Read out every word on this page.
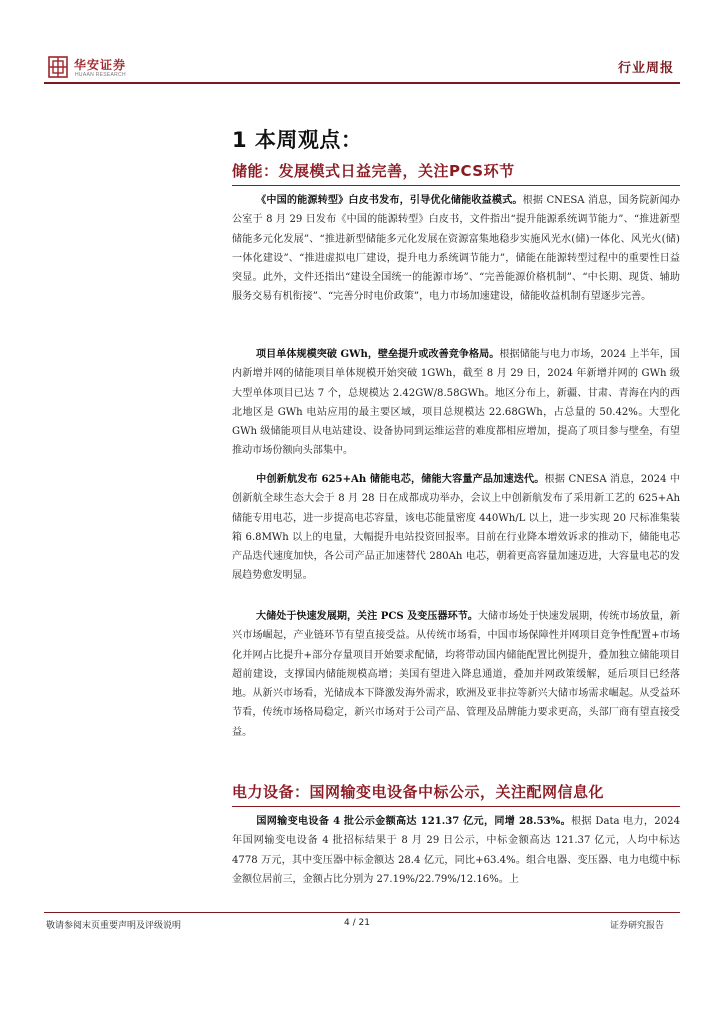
华安证券
HUAAN RESEARCH	行业周报
1 本周观点：
储能：发展模式日益完善，关注PCS环节
《中国的能源转型》白皮书发布，引导优化储能收益模式。根据 CNESA 消息，国务院新闻办公室于 8 月 29 日发布《中国的能源转型》白皮书，文件指出“提升能源系统调节能力”、“推进新型储能多元化发展”、“推进新型储能多元化发展在资源富集地稳步实施风光水(储)一体化、风光火(储)一体化建设”、“推进虚拟电厂建设，提升电力系统调节能力”，储能在能源转型过程中的重要性日益突显。此外，文件还指出“建设全国统一的能源市场”、“完善能源价格机制”、“中长期、现货、辅助服务交易有机衔接”、“完善分时电价政策”，电力市场加速建设，储能收益机制有望逐步完善。
项目单体规模突破 GWh，壁垒提升或改善竞争格局。根据储能与电力市场，2024 上半年，国内新增并网的储能项目单体规模开始突破 1GWh，截至 8 月 29 日，2024 年新增并网的 GWh 级大型单体项目已达 7 个，总规模达 2.42GW/8.58GWh。地区分布上，新疆、甘肃、青海在内的西北地区是 GWh 电站应用的最主要区域，项目总规模达 22.68GWh，占总量的 50.42%。大型化 GWh 级储能项目从电站建设、设备协同到运维运营的难度都相应增加，提高了项目参与壁垒，有望推动市场份额向头部集中。
中创新航发布 625+Ah 储能电芯，储能大容量产品加速迭代。根据 CNESA 消息，2024 中创新航全球生态大会于 8 月 28 日在成都成功举办，会议上中创新航发布了采用新工艺的 625+Ah 储能专用电芯，进一步提高电芯容量，该电芯能量密度 440Wh/L 以上，进一步实现 20 尺标准集装箱 6.8MWh 以上的电量，大幅提升电站投资回报率。目前在行业降本增效诉求的推动下，储能电芯产品迭代速度加快，各公司产品正加速替代 280Ah 电芯，朝着更高容量加速迈进，大容量电芯的发展趋势愈发明显。
大储处于快速发展期，关注 PCS 及变压器环节。大储市场处于快速发展期，传统市场放量，新兴市场崛起，产业链环节有望直接受益。从传统市场看，中国市场保障性并网项目竞争性配置+市场化并网占比提升+部分存量项目开始要求配储，均将带动国内储能配置比例提升，叠加独立储能项目超前建设，支撑国内储能规模高增；美国有望进入降息通道，叠加并网政策缓解，延后项目已经落地。从新兴市场看，光储成本下降激发海外需求，欧洲及亚非拉等新兴大储市场需求崛起。从受益环节看，传统市场格局稳定，新兴市场对于公司产品、管理及品牌能力要求更高，头部厂商有望直接受益。
电力设备：国网输变电设备中标公示，关注配网信息化
国网输变电设备 4 批公示金额高达 121.37 亿元，同增 28.53%。根据 Data 电力，2024 年国网输变电设备 4 批招标结果于 8 月 29 日公示，中标金额高达 121.37 亿元，人均中标达 4778 万元，其中变压器中标金额达 28.4 亿元，同比+63.4%。组合电器、变压器、电力电缆中标金额位居前三，金额占比分别为 27.19%/22.79%/12.16%。上
敬请参阅末页重要声明及评级说明	4 / 21	证券研究报告
